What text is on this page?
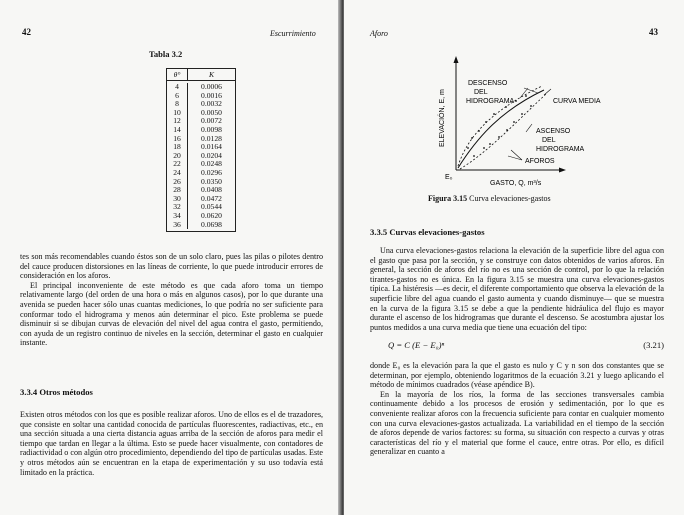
42	Escurrimiento
Tabla 3.2
θ°	K
4	0.0006
6	0.0016
8	0.0032
10	0.0050
12	0.0072
14	0.0098
16	0.0128
18	0.0164
20	0.0204
22	0.0248
24	0.0296
26	0.0350
28	0.0408
30	0.0472
32	0.0544
34	0.0620
36	0.0698

tes son más recomendables cuando éstos son de un solo claro, pues las pilas o pilotes dentro del cauce producen distorsiones en las líneas de corriente, lo que puede introducir errores de consideración en los aforos.

El principal inconveniente de este método es que cada aforo toma un tiempo relativamente largo (del orden de una hora o más en algunos casos), por lo que durante una avenida se pueden hacer sólo unas cuantas mediciones, lo que podría no ser suficiente para conformar todo el hidrograma y menos aún determinar el pico. Este problema se puede disminuir si se dibujan curvas de elevación del nivel del agua contra el gasto, permitiendo, con ayuda de un registro continuo de niveles en la sección, determinar el gasto en cualquier instante.

3.3.4 Otros métodos

Existen otros métodos con los que es posible realizar aforos. Uno de ellos es el de trazadores, que consiste en soltar una cantidad conocida de partículas fluorescentes, radiactivas, etc., en una sección situada a una cierta distancia aguas arriba de la sección de aforos para medir el tiempo que tardan en llegar a la última. Esto se puede hacer visualmente, con contadores de radiactividad o con algún otro procedimiento, dependiendo del tipo de partículas usadas. Este y otros métodos aún se encuentran en la etapa de experimentación y su uso todavía está limitado en la práctica.

Aforo	43
ELEVACIÓN, E, m
E₀
GASTO, Q, m³/s
DESCENSO
DEL
HIDROGRAMA	CURVA MEDIA
ASCENSO
DEL
HIDROGRAMA
AFOROS
Figura 3.15 Curva elevaciones-gastos
3.3.5 Curvas elevaciones-gastos

Una curva elevaciones-gastos relaciona la elevación de la superficie libre del agua con el gasto que pasa por la sección, y se construye con datos obtenidos de varios aforos. En general, la sección de aforos del río no es una sección de control, por lo que la relación tirantes-gastos no es única. En la figura 3.15 se muestra una curva elevaciones-gastos típica. La histéresis —es decir, el diferente comportamiento que observa la elevación de la superficie libre del agua cuando el gasto aumenta y cuando disminuye— que se muestra en la curva de la figura 3.15 se debe a que la pendiente hidráulica del flujo es mayor durante el ascenso de los hidrogramas que durante el descenso. Se acostumbra ajustar los puntos medidos a una curva media que tiene una ecuación del tipo:

Q = C (E − E₀)ⁿ	(3.21)

donde E₀ es la elevación para la que el gasto es nulo y C y n son dos constantes que se determinan, por ejemplo, obteniendo logaritmos de la ecuación 3.21 y luego aplicando el método de mínimos cuadrados (véase apéndice B).

En la mayoría de los ríos, la forma de las secciones transversales cambia continuamente debido a los procesos de erosión y sedimentación, por lo que es conveniente realizar aforos con la frecuencia suficiente para contar en cualquier momento con una curva elevaciones-gastos actualizada. La variabilidad en el tiempo de la sección de aforos depende de varios factores: su forma, su situación con respecto a curvas y otras características del río y el material que forme el cauce, entre otras. Por ello, es difícil generalizar en cuanto a
